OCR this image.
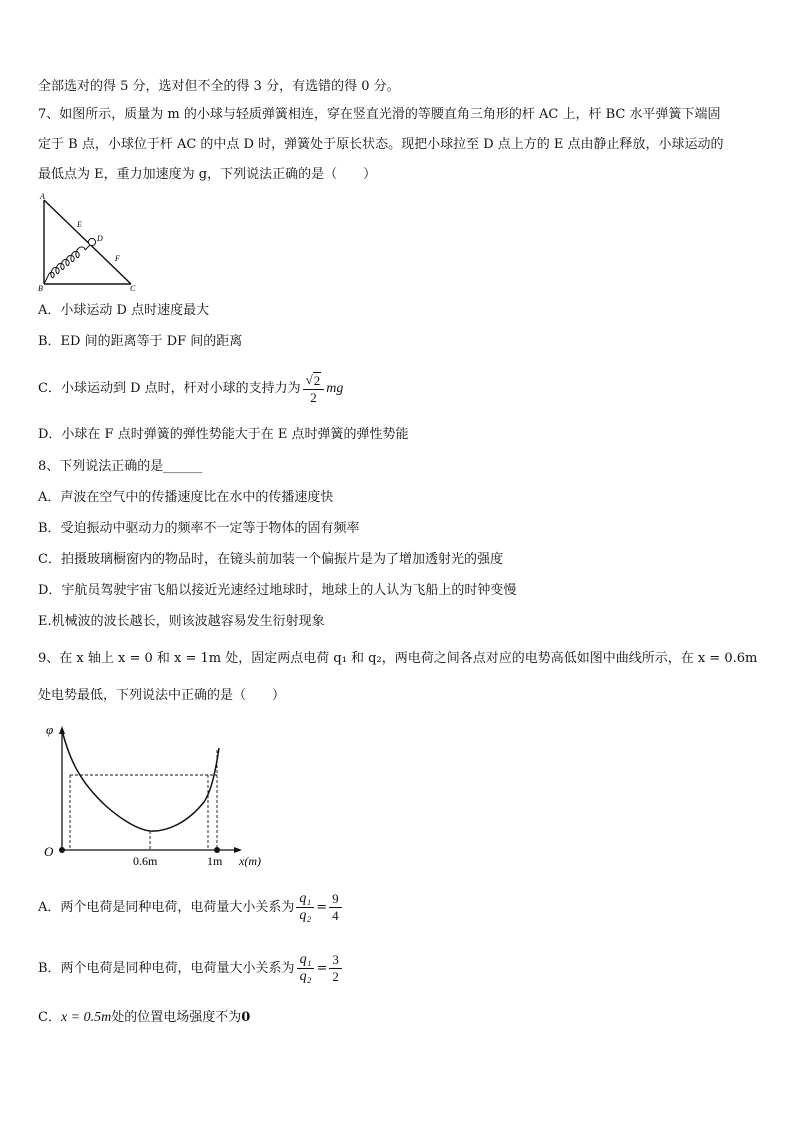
全部选对的得 5 分，选对但不全的得 3 分，有选错的得 0 分。
7、如图所示，质量为 m 的小球与轻质弹簧相连，穿在竖直光滑的等腰直角三角形的杆 AC 上，杆 BC 水平弹簧下端固
定于 B 点，小球位于杆 AC 的中点 D 时，弹簧处于原长状态。现把小球拉至 D 点上方的 E 点由静止释放，小球运动的
最低点为 E，重力加速度为 g，下列说法正确的是（　　）
A
B	C
D
E
F
A．小球运动 D 点时速度最大
B．ED 间的距离等于 DF 间的距离
C．小球运动到 D 点时，杆对小球的支持力为 $\frac{√ 2}{2}$ mg
D．小球在 F 点时弹簧的弹性势能大于在 E 点时弹簧的弹性势能
8、下列说法正确的是______
A．声波在空气中的传播速度比在水中的传播速度快
B．受迫振动中驱动力的频率不一定等于物体的固有频率
C．拍摄玻璃橱窗内的物品时，在镜头前加装一个偏振片是为了增加透射光的强度
D．宇航员驾驶宇宙飞船以接近光速经过地球时，地球上的人认为飞船上的时钟变慢
E.机械波的波长越长，则该波越容易发生衍射现象
9、在 x 轴上 x = 0 和 x = 1m 处，固定两点电荷 q₁ 和 q₂，两电荷之间各点对应的电势高低如图中曲线所示，在 x = 0.6m
处电势最低，下列说法中正确的是（　　）
φ
O
0.6m	1m x(m)
A．两个电荷是同种电荷，电荷量大小关系为 $\frac{\text{q₁}}{\text{q₂}} = \frac{9}{4}$
B．两个电荷是同种电荷，电荷量大小关系为 $\frac{\text{q₁}}{\text{q₂}} = \frac{3}{2}$
C．x = 0.5m处的位置电场强度不为0
